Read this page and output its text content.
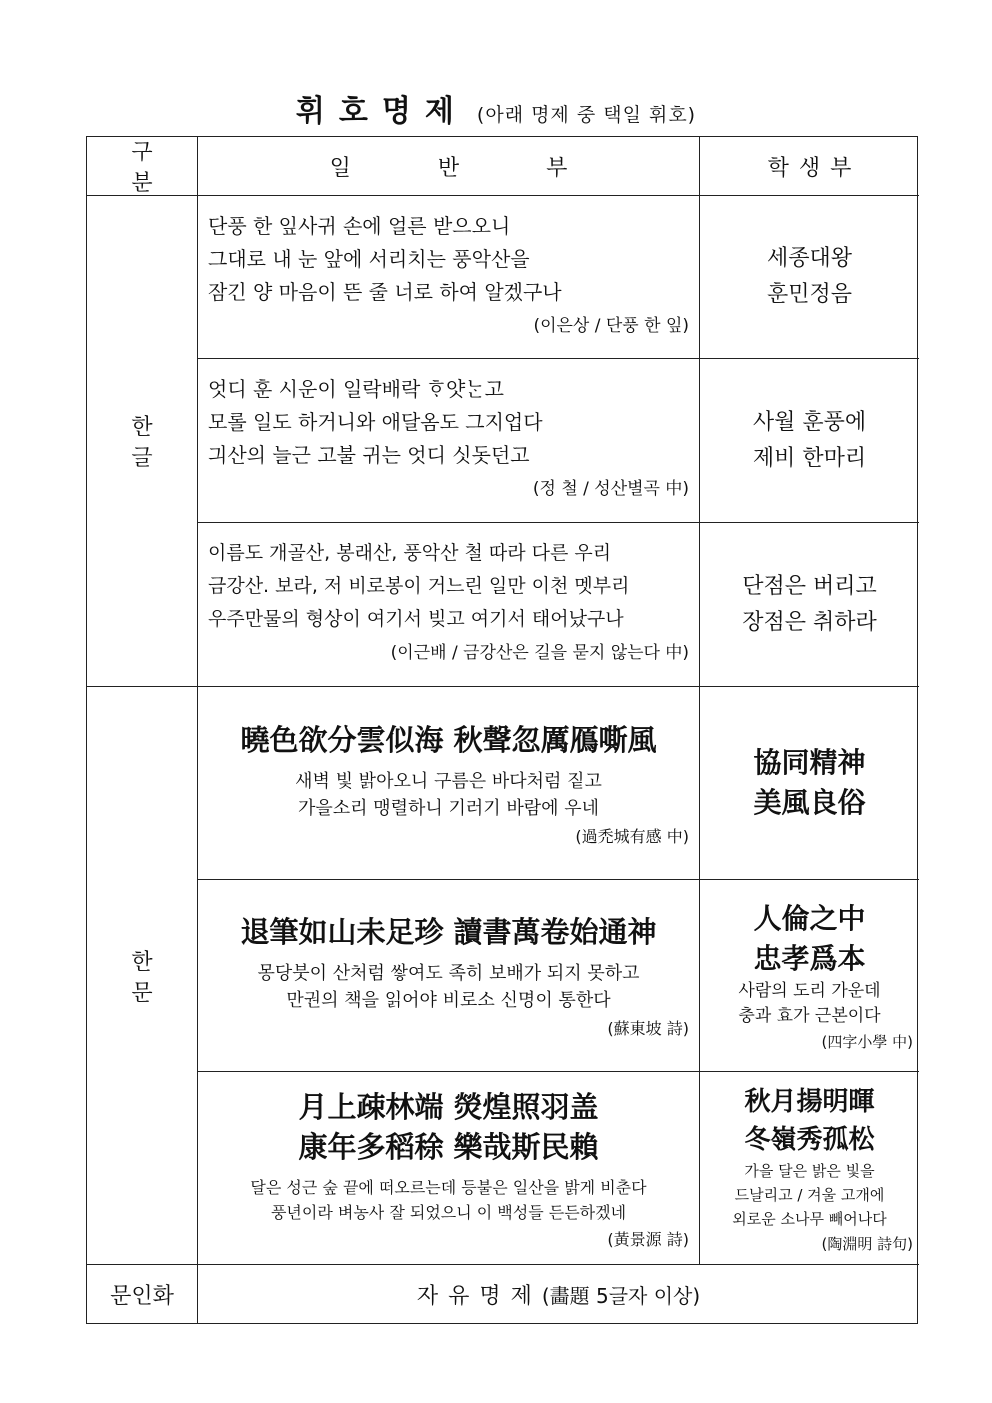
휘호명제 (아래 명제 중 택일 휘호)
구 분
일 반 부	학생부
한 글
단풍 한 잎사귀 손에 얼른 받으오니
그대로 내 눈 앞에 서리치는 풍악산을
잠긴 양 마음이 뜬 줄 너로 하여 알겠구나
(이은상 / 단풍 한 잎)
세종대왕
훈민정음
엇디 훈 시운이 일락배락 ᄒᆞ얏ᄂᆞᆫ고
모롤 일도 하거니와 애달옴도 그지업다
긔산의 늘근 고불 귀는 엇디 싯돗던고
(정 철 / 성산별곡 中)
사월 훈풍에
제비 한마리
이름도 개골산, 봉래산, 풍악산 철 따라 다른 우리
금강산. 보라, 저 비로봉이 거느린 일만 이천 멧부리
우주만물의 형상이 여기서 빚고 여기서 태어났구나
(이근배 / 금강산은 길을 묻지 않는다 中)
단점은 버리고
장점은 취하라
한 문
曉色欲分雲似海 秋聲忽厲鴈嘶風
새벽 빛 밝아오니 구름은 바다처럼 짙고
가을소리 맹렬하니 기러기 바람에 우네
(過禿城有感 中)
協同精神
美風良俗
退筆如山未足珍 讀書萬卷始通神
몽당붓이 산처럼 쌓여도 족히 보배가 되지 못하고
만권의 책을 읽어야 비로소 신명이 통한다
(蘇東坡 詩)
人倫之中
忠孝爲本
사람의 도리 가운데
충과 효가 근본이다
(四字小學 中)
月上疎林端 熒煌照羽盖
康年多稻稌 樂哉斯民賴
달은 성근 숲 끝에 떠오르는데 등불은 일산을 밝게 비춘다
풍년이라 벼농사 잘 되었으니 이 백성들 든든하겠네
(黃景源 詩)
秋月揚明暉
冬嶺秀孤松
가을 달은 밝은 빛을
드날리고 / 겨울 고개에
외로운 소나무 빼어나다
(陶淵明 詩句)
문인화	자유명제 (畵題 5글자 이상)
